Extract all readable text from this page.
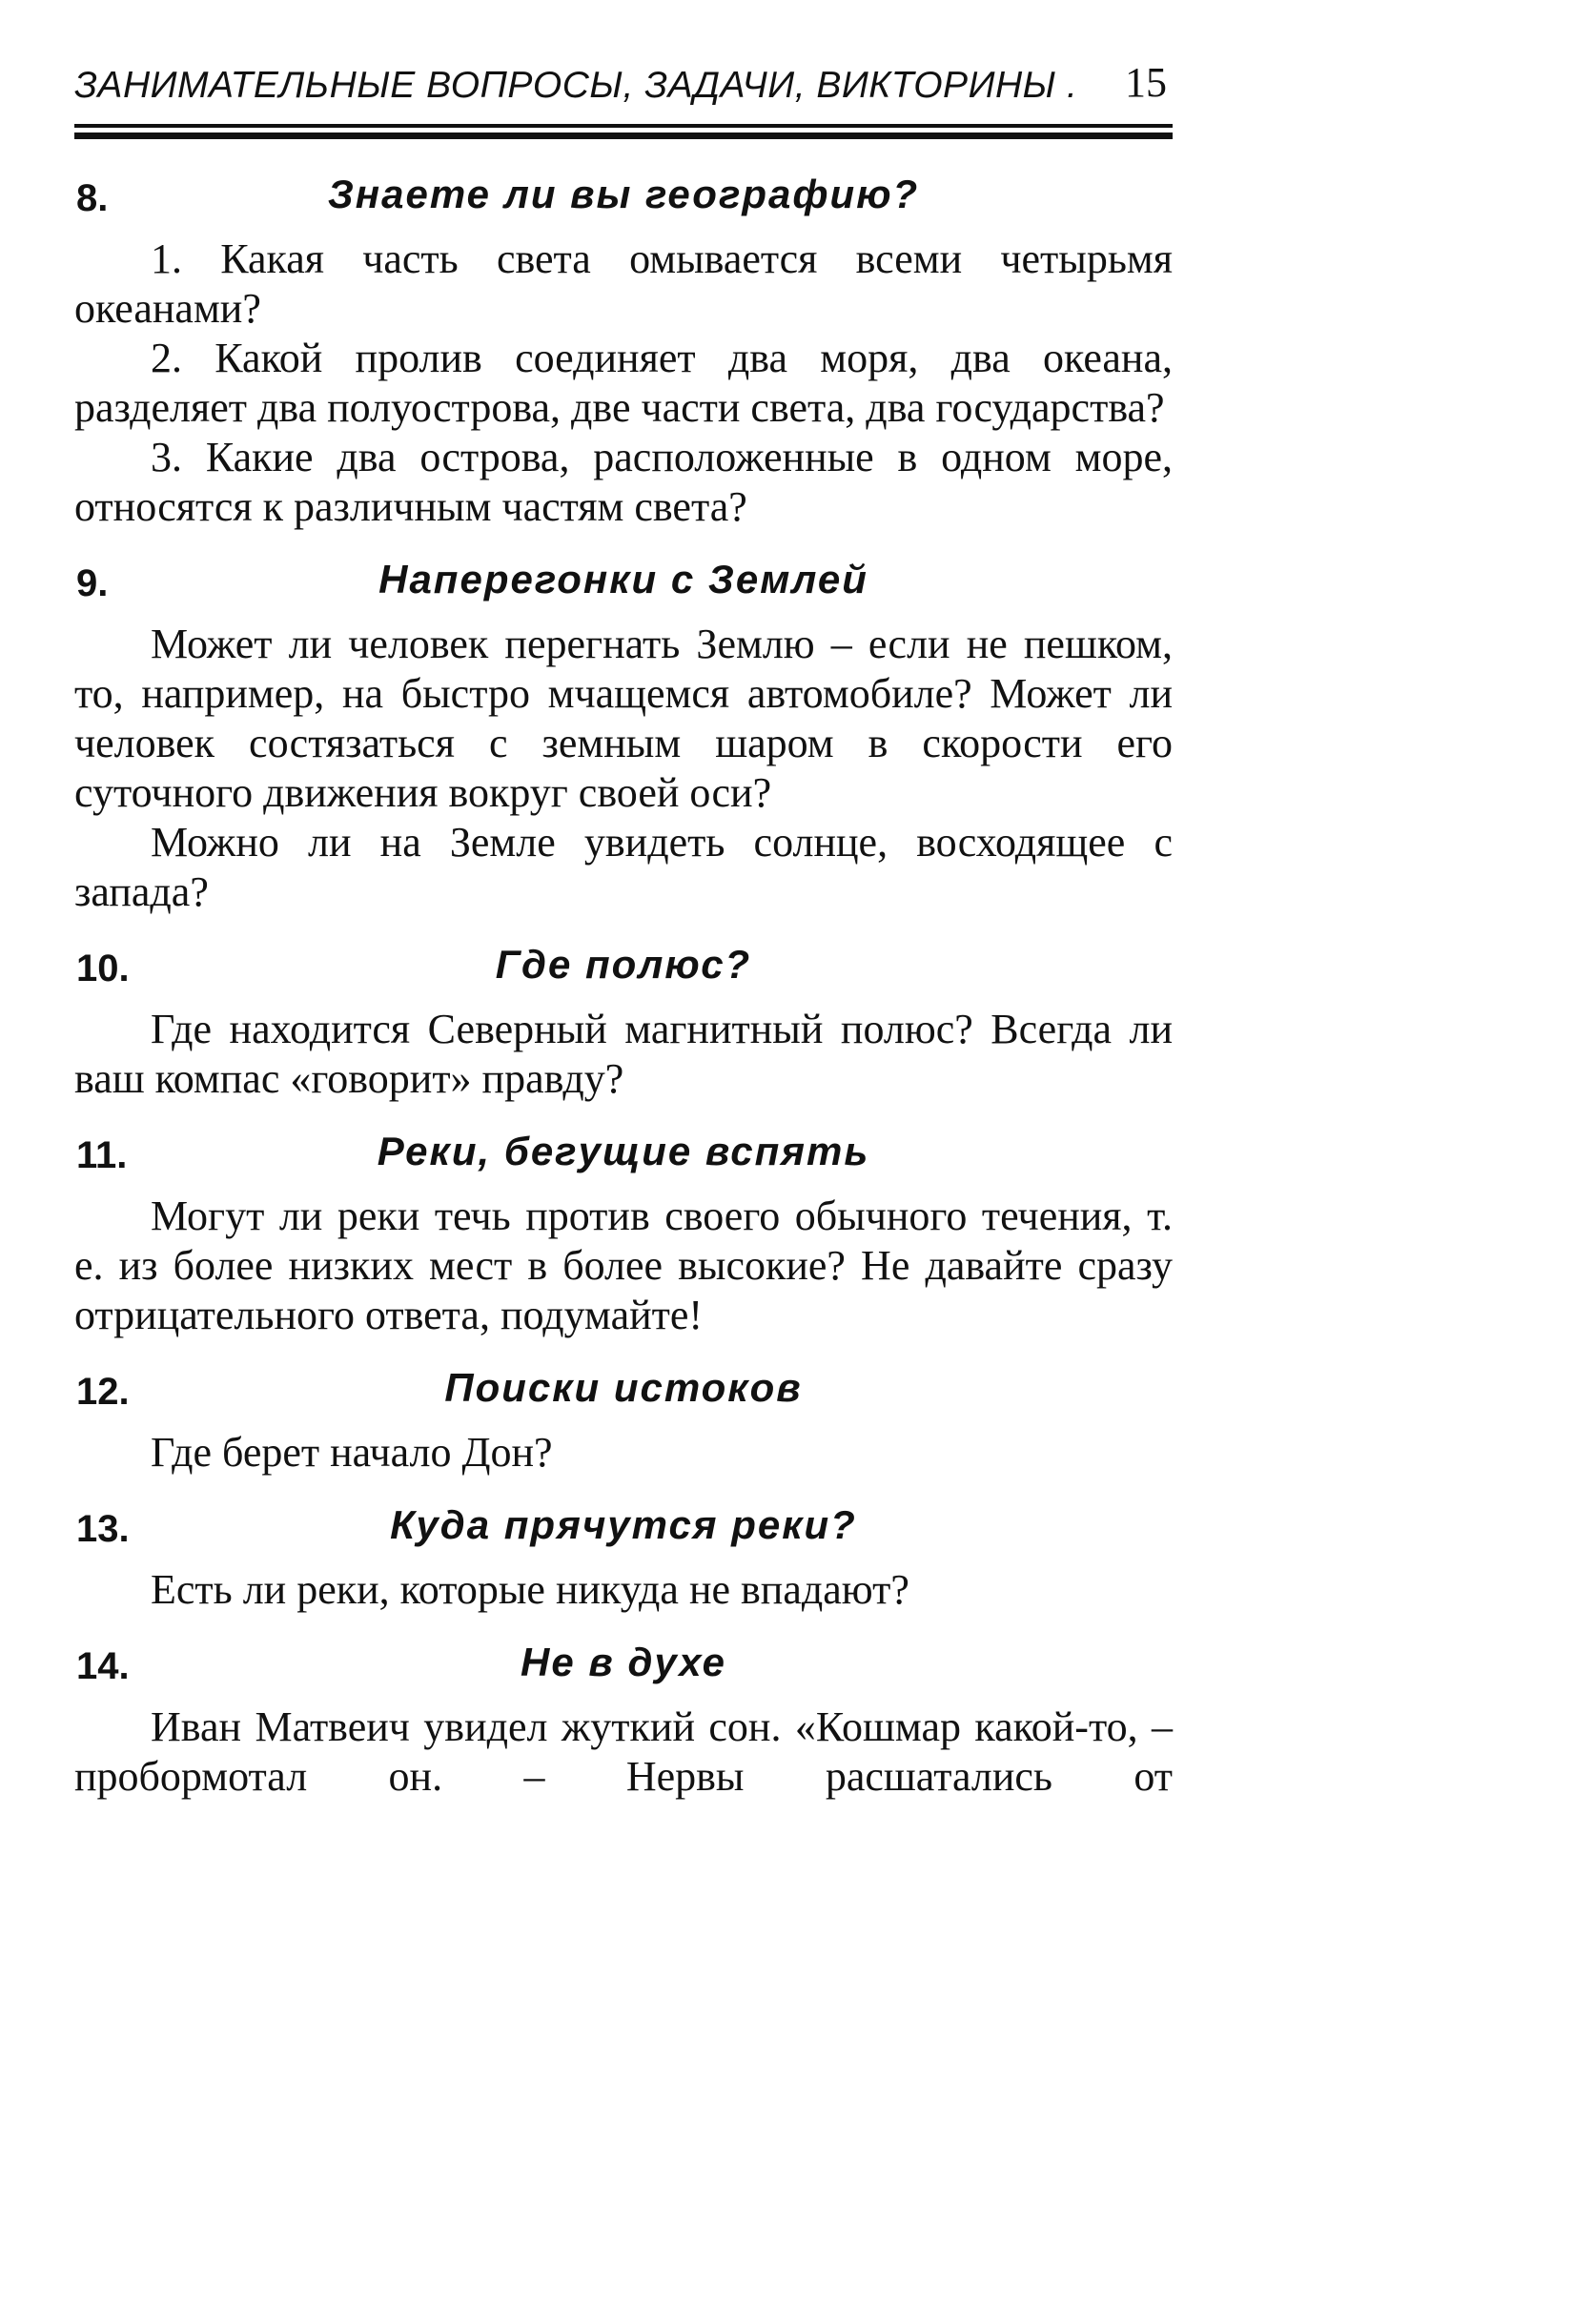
ЗАНИМАТЕЛЬНЫЕ ВОПРОСЫ, ЗАДАЧИ, ВИКТОРИНЫ . 15
8.	Знаете ли вы географию?

1. Какая часть света омывается всеми четырьмя океанами?

2. Какой пролив соединяет два моря, два океана, разделяет два полуострова, две части света, два государства?

3. Какие два острова, расположенные в одном море, относятся к различным частям света?

9.	Наперегонки с Землей

Может ли человек перегнать Землю – если не пешком, то, например, на быстро мчащемся автомобиле? Может ли человек состязаться с земным шаром в скорости его суточного движения вокруг своей оси?

Можно ли на Земле увидеть солнце, восходящее с запада?

10.	Где полюс?

Где находится Северный магнитный полюс? Всегда ли ваш компас «говорит» правду?

11.	Реки, бегущие вспять

Могут ли реки течь против своего обычного течения, т. е. из более низких мест в более высокие? Не давайте сразу отрицательного ответа, подумайте!

12.	Поиски истоков

Где берет начало Дон?

13.	Куда прячутся реки?

Есть ли реки, которые никуда не впадают?

14.	Не в духе

Иван Матвеич увидел жуткий сон. «Кошмар какой-то, – пробормотал он. – Нервы расшатались от
